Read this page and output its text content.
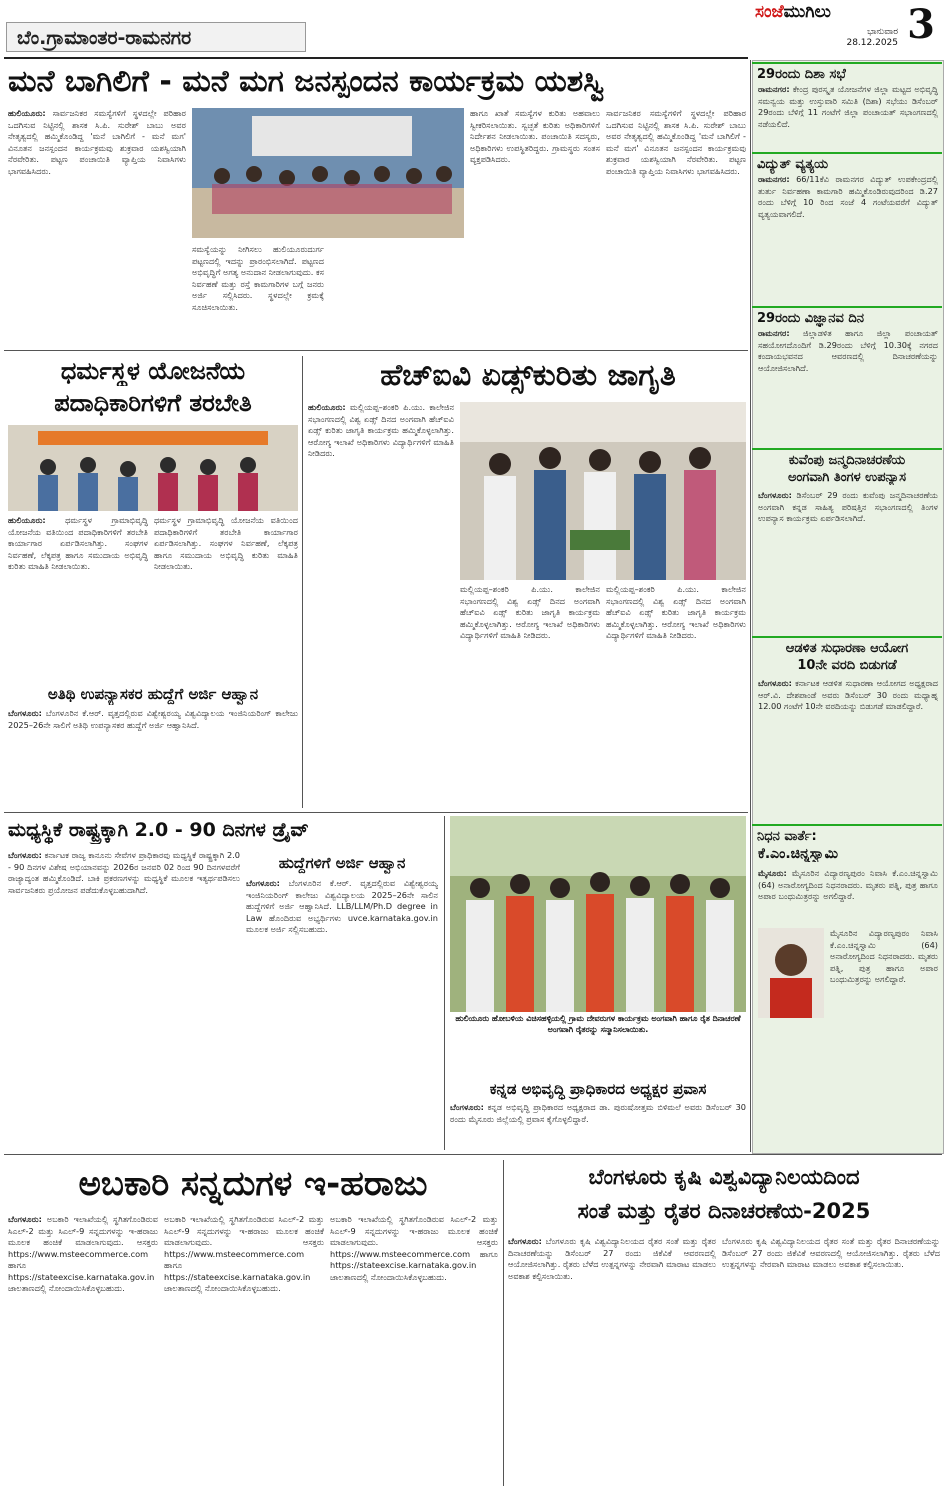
ಬೆಂ.ಗ್ರಾಮಾಂತರ-ರಾಮನಗರ
ಸಂಜೆಮುಗಿಲು
ಭಾನುವಾರ
28.12.2025 3
ಮನೆ ಬಾಗಿಲಿಗೆ - ಮನೆ ಮಗ ಜನಸ್ಪಂದನ ಕಾರ್ಯಕ್ರಮ ಯಶಸ್ವಿ
ಹುಲಿಯೂರು: ಸಾರ್ವಜನಿಕರ ಸಮಸ್ಯೆಗಳಿಗೆ ಸ್ಥಳದಲ್ಲೇ ಪರಿಹಾರ ಒದಗಿಸುವ ನಿಟ್ಟಿನಲ್ಲಿ ಶಾಸಕ ಸಿ.ಪಿ. ಸುರೇಶ್ ಬಾಬು ಅವರ ನೇತೃತ್ವದಲ್ಲಿ ಹಮ್ಮಿಕೊಂಡಿದ್ದ 'ಮನೆ ಬಾಗಿಲಿಗೆ - ಮನೆ ಮಗ' ವಿನೂತನ ಜನಸ್ಪಂದನ ಕಾರ್ಯಕ್ರಮವು ಶುಕ್ರವಾರ ಯಶಸ್ವಿಯಾಗಿ ನೆರವೇರಿತು. ಪಟ್ಟಣ ಪಂಚಾಯಿತಿ ವ್ಯಾಪ್ತಿಯ ನಿವಾಸಿಗಳು ಭಾಗವಹಿಸಿದರು.
ಸಮಸ್ಯೆಯನ್ನು ನೀಗಿಸಲು ಹುಲಿಯೂರುದುರ್ಗ ಪಟ್ಟಣದಲ್ಲಿ ಇದನ್ನು ಪ್ರಾರಂಭಿಸಲಾಗಿದೆ. ಪಟ್ಟಣದ ಅಭಿವೃದ್ಧಿಗೆ ಅಗತ್ಯ ಅನುದಾನ ನೀಡಲಾಗುವುದು. ಕಸ ನಿರ್ವಹಣೆ ಮತ್ತು ರಸ್ತೆ ಕಾಮಗಾರಿಗಳ ಬಗ್ಗೆ ಜನರು ಅರ್ಜಿ ಸಲ್ಲಿಸಿದರು. ಸ್ಥಳದಲ್ಲೇ ಕ್ರಮಕ್ಕೆ ಸೂಚಿಸಲಾಯಿತು.
ಹಾಗೂ ಖಾತೆ ಸಮಸ್ಯೆಗಳ ಕುರಿತು ಅಹವಾಲು ಸ್ವೀಕರಿಸಲಾಯಿತು. ಸ್ವಚ್ಛತೆ ಕುರಿತು ಅಧಿಕಾರಿಗಳಿಗೆ ನಿರ್ದೇಶನ ನೀಡಲಾಯಿತು. ಪಂಚಾಯಿತಿ ಸದಸ್ಯರು, ಅಧಿಕಾರಿಗಳು ಉಪಸ್ಥಿತರಿದ್ದರು. ಗ್ರಾಮಸ್ಥರು ಸಂತಸ ವ್ಯಕ್ತಪಡಿಸಿದರು.
ಸಾರ್ವಜನಿಕರ ಸಮಸ್ಯೆಗಳಿಗೆ ಸ್ಥಳದಲ್ಲೇ ಪರಿಹಾರ ಒದಗಿಸುವ ನಿಟ್ಟಿನಲ್ಲಿ ಶಾಸಕ ಸಿ.ಪಿ. ಸುರೇಶ್ ಬಾಬು ಅವರ ನೇತೃತ್ವದಲ್ಲಿ ಹಮ್ಮಿಕೊಂಡಿದ್ದ 'ಮನೆ ಬಾಗಿಲಿಗೆ - ಮನೆ ಮಗ' ವಿನೂತನ ಜನಸ್ಪಂದನ ಕಾರ್ಯಕ್ರಮವು ಶುಕ್ರವಾರ ಯಶಸ್ವಿಯಾಗಿ ನೆರವೇರಿತು. ಪಟ್ಟಣ ಪಂಚಾಯಿತಿ ವ್ಯಾಪ್ತಿಯ ನಿವಾಸಿಗಳು ಭಾಗವಹಿಸಿದರು.
ಧರ್ಮಸ್ಥಳ ಯೋಜನೆಯ
ಪದಾಧಿಕಾರಿಗಳಿಗೆ ತರಬೇತಿ
ಹುಲಿಯೂರು: ಧರ್ಮಸ್ಥಳ ಗ್ರಾಮಾಭಿವೃದ್ಧಿ ಯೋಜನೆಯ ವತಿಯಿಂದ ಪದಾಧಿಕಾರಿಗಳಿಗೆ ತರಬೇತಿ ಕಾರ್ಯಾಗಾರ ಏರ್ಪಡಿಸಲಾಗಿತ್ತು. ಸಂಘಗಳ ನಿರ್ವಹಣೆ, ಲೆಕ್ಕಪತ್ರ ಹಾಗೂ ಸಮುದಾಯ ಅಭಿವೃದ್ಧಿ ಕುರಿತು ಮಾಹಿತಿ ನೀಡಲಾಯಿತು.
ಧರ್ಮಸ್ಥಳ ಗ್ರಾಮಾಭಿವೃದ್ಧಿ ಯೋಜನೆಯ ವತಿಯಿಂದ ಪದಾಧಿಕಾರಿಗಳಿಗೆ ತರಬೇತಿ ಕಾರ್ಯಾಗಾರ ಏರ್ಪಡಿಸಲಾಗಿತ್ತು. ಸಂಘಗಳ ನಿರ್ವಹಣೆ, ಲೆಕ್ಕಪತ್ರ ಹಾಗೂ ಸಮುದಾಯ ಅಭಿವೃದ್ಧಿ ಕುರಿತು ಮಾಹಿತಿ ನೀಡಲಾಯಿತು.
ಅತಿಥಿ ಉಪನ್ಯಾಸಕರ ಹುದ್ದೆಗೆ ಅರ್ಜಿ ಆಹ್ವಾನ
ಬೆಂಗಳೂರು: ಬೆಂಗಳೂರಿನ ಕೆ.ಆರ್. ವೃತ್ತದಲ್ಲಿರುವ ವಿಶ್ವೇಶ್ವರಯ್ಯ ವಿಶ್ವವಿದ್ಯಾಲಯ ಇಂಜಿನಿಯರಿಂಗ್ ಕಾಲೇಜು 2025–26ನೇ ಸಾಲಿಗೆ ಅತಿಥಿ ಉಪನ್ಯಾಸಕರ ಹುದ್ದೆಗೆ ಅರ್ಜಿ ಆಹ್ವಾನಿಸಿದೆ.
ಹೆಚ್‌ಐವಿ ಏಡ್ಸ್‌ಕುರಿತು ಜಾಗೃತಿ
ಹುಲಿಯೂರು: ಮಲ್ಲಿಯಪ್ಪ–ಶಂಕರಿ ಪಿ.ಯು. ಕಾಲೇಜಿನ ಸಭಾಂಗಣದಲ್ಲಿ ವಿಶ್ವ ಏಡ್ಸ್ ದಿನದ ಅಂಗವಾಗಿ ಹೆಚ್‌ಐವಿ ಏಡ್ಸ್ ಕುರಿತು ಜಾಗೃತಿ ಕಾರ್ಯಕ್ರಮ ಹಮ್ಮಿಕೊಳ್ಳಲಾಗಿತ್ತು. ಆರೋಗ್ಯ ಇಲಾಖೆ ಅಧಿಕಾರಿಗಳು ವಿದ್ಯಾರ್ಥಿಗಳಿಗೆ ಮಾಹಿತಿ ನೀಡಿದರು.
ಮಲ್ಲಿಯಪ್ಪ–ಶಂಕರಿ ಪಿ.ಯು. ಕಾಲೇಜಿನ ಸಭಾಂಗಣದಲ್ಲಿ ವಿಶ್ವ ಏಡ್ಸ್ ದಿನದ ಅಂಗವಾಗಿ ಹೆಚ್‌ಐವಿ ಏಡ್ಸ್ ಕುರಿತು ಜಾಗೃತಿ ಕಾರ್ಯಕ್ರಮ ಹಮ್ಮಿಕೊಳ್ಳಲಾಗಿತ್ತು. ಆರೋಗ್ಯ ಇಲಾಖೆ ಅಧಿಕಾರಿಗಳು ವಿದ್ಯಾರ್ಥಿಗಳಿಗೆ ಮಾಹಿತಿ ನೀಡಿದರು.
ಮಲ್ಲಿಯಪ್ಪ–ಶಂಕರಿ ಪಿ.ಯು. ಕಾಲೇಜಿನ ಸಭಾಂಗಣದಲ್ಲಿ ವಿಶ್ವ ಏಡ್ಸ್ ದಿನದ ಅಂಗವಾಗಿ ಹೆಚ್‌ಐವಿ ಏಡ್ಸ್ ಕುರಿತು ಜಾಗೃತಿ ಕಾರ್ಯಕ್ರಮ ಹಮ್ಮಿಕೊಳ್ಳಲಾಗಿತ್ತು. ಆರೋಗ್ಯ ಇಲಾಖೆ ಅಧಿಕಾರಿಗಳು ವಿದ್ಯಾರ್ಥಿಗಳಿಗೆ ಮಾಹಿತಿ ನೀಡಿದರು.
ಮಧ್ಯಸ್ಥಿಕೆ ರಾಷ್ಟ್ರಕ್ಕಾಗಿ 2.0 - 90 ದಿನಗಳ ಡ್ರೈವ್
ಬೆಂಗಳೂರು: ಕರ್ನಾಟಕ ರಾಜ್ಯ ಕಾನೂನು ಸೇವೆಗಳ ಪ್ರಾಧಿಕಾರವು ಮಧ್ಯಸ್ಥಿಕೆ ರಾಷ್ಟ್ರಕ್ಕಾಗಿ 2.0 - 90 ದಿನಗಳ ವಿಶೇಷ ಅಭಿಯಾನವನ್ನು 2026ರ ಜನವರಿ 02 ರಿಂದ 90 ದಿನಗಳವರೆಗೆ ರಾಜ್ಯಾದ್ಯಂತ ಹಮ್ಮಿಕೊಂಡಿದೆ. ಬಾಕಿ ಪ್ರಕರಣಗಳನ್ನು ಮಧ್ಯಸ್ಥಿಕೆ ಮೂಲಕ ಇತ್ಯರ್ಥಪಡಿಸಲು ಸಾರ್ವಜನಿಕರು ಪ್ರಯೋಜನ ಪಡೆದುಕೊಳ್ಳಬಹುದಾಗಿದೆ.
ಹುದ್ದೆಗಳಿಗೆ ಅರ್ಜಿ ಆಹ್ವಾನ
ಬೆಂಗಳೂರು: ಬೆಂಗಳೂರಿನ ಕೆ.ಆರ್. ವೃತ್ತದಲ್ಲಿರುವ ವಿಶ್ವೇಶ್ವರಯ್ಯ ಇಂಜಿನಿಯರಿಂಗ್ ಕಾಲೇಜು ವಿಶ್ವವಿದ್ಯಾಲಯ 2025–26ನೇ ಸಾಲಿನ ಹುದ್ದೆಗಳಿಗೆ ಅರ್ಜಿ ಆಹ್ವಾನಿಸಿದೆ. LLB/LLM/Ph.D degree in Law ಹೊಂದಿರುವ ಅಭ್ಯರ್ಥಿಗಳು uvce.karnataka.gov.in ಮೂಲಕ ಅರ್ಜಿ ಸಲ್ಲಿಸಬಹುದು.
ಹುಲಿಯೂರು ಹೋಬಳಿಯ ವಿಚಿಸಹಳ್ಳಿಯಲ್ಲಿ ಗ್ರಾಮ ದೇವರುಗಳ ಕಾರ್ಯಕ್ರಮ ಅಂಗವಾಗಿ ಹಾಗೂ ರೈತ ದಿನಾಚರಣೆ ಅಂಗವಾಗಿ ರೈತರನ್ನು ಸನ್ಮಾನಿಸಲಾಯಿತು.
ಕನ್ನಡ ಅಭಿವೃದ್ಧಿ ಪ್ರಾಧಿಕಾರದ ಅಧ್ಯಕ್ಷರ ಪ್ರವಾಸ
ಬೆಂಗಳೂರು: ಕನ್ನಡ ಅಭಿವೃದ್ಧಿ ಪ್ರಾಧಿಕಾರದ ಅಧ್ಯಕ್ಷರಾದ ಡಾ. ಪುರುಷೋತ್ತಮ ಬಿಳಿಮಲೆ ಅವರು ಡಿಸೆಂಬರ್ 30 ರಂದು ಮೈಸೂರು ಜಿಲ್ಲೆಯಲ್ಲಿ ಪ್ರವಾಸ ಕೈಗೊಳ್ಳಲಿದ್ದಾರೆ.
ಅಬಕಾರಿ ಸನ್ನದುಗಳ ಇ-ಹರಾಜು
ಬೆಂಗಳೂರು: ಅಬಕಾರಿ ಇಲಾಖೆಯಲ್ಲಿ ಸ್ಥಗಿತಗೊಂಡಿರುವ ಸಿಎಲ್-2 ಮತ್ತು ಸಿಎಲ್-9 ಸನ್ನದುಗಳನ್ನು ಇ-ಹರಾಜು ಮೂಲಕ ಹಂಚಿಕೆ ಮಾಡಲಾಗುವುದು. ಆಸಕ್ತರು https://www.msteecommerce.com ಹಾಗೂ https://stateexcise.karnataka.gov.in ಜಾಲತಾಣದಲ್ಲಿ ನೋಂದಾಯಿಸಿಕೊಳ್ಳಬಹುದು.
ಅಬಕಾರಿ ಇಲಾಖೆಯಲ್ಲಿ ಸ್ಥಗಿತಗೊಂಡಿರುವ ಸಿಎಲ್-2 ಮತ್ತು ಸಿಎಲ್-9 ಸನ್ನದುಗಳನ್ನು ಇ-ಹರಾಜು ಮೂಲಕ ಹಂಚಿಕೆ ಮಾಡಲಾಗುವುದು. ಆಸಕ್ತರು https://www.msteecommerce.com ಹಾಗೂ https://stateexcise.karnataka.gov.in ಜಾಲತಾಣದಲ್ಲಿ ನೋಂದಾಯಿಸಿಕೊಳ್ಳಬಹುದು.
ಅಬಕಾರಿ ಇಲಾಖೆಯಲ್ಲಿ ಸ್ಥಗಿತಗೊಂಡಿರುವ ಸಿಎಲ್-2 ಮತ್ತು ಸಿಎಲ್-9 ಸನ್ನದುಗಳನ್ನು ಇ-ಹರಾಜು ಮೂಲಕ ಹಂಚಿಕೆ ಮಾಡಲಾಗುವುದು. ಆಸಕ್ತರು https://www.msteecommerce.com ಹಾಗೂ https://stateexcise.karnataka.gov.in ಜಾಲತಾಣದಲ್ಲಿ ನೋಂದಾಯಿಸಿಕೊಳ್ಳಬಹುದು.
ಬೆಂಗಳೂರು ಕೃಷಿ ವಿಶ್ವವಿದ್ಯಾನಿಲಯದಿಂದ
ಸಂತೆ ಮತ್ತು ರೈತರ ದಿನಾಚರಣೆಯ-2025
ಬೆಂಗಳೂರು: ಬೆಂಗಳೂರು ಕೃಷಿ ವಿಶ್ವವಿದ್ಯಾನಿಲಯದ ರೈತರ ಸಂತೆ ಮತ್ತು ರೈತರ ದಿನಾಚರಣೆಯನ್ನು ಡಿಸೆಂಬರ್ 27 ರಂದು ಜಿಕೆವಿಕೆ ಆವರಣದಲ್ಲಿ ಆಯೋಜಿಸಲಾಗಿತ್ತು. ರೈತರು ಬೆಳೆದ ಉತ್ಪನ್ನಗಳನ್ನು ನೇರವಾಗಿ ಮಾರಾಟ ಮಾಡಲು ಅವಕಾಶ ಕಲ್ಪಿಸಲಾಯಿತು.
ಬೆಂಗಳೂರು ಕೃಷಿ ವಿಶ್ವವಿದ್ಯಾನಿಲಯದ ರೈತರ ಸಂತೆ ಮತ್ತು ರೈತರ ದಿನಾಚರಣೆಯನ್ನು ಡಿಸೆಂಬರ್ 27 ರಂದು ಜಿಕೆವಿಕೆ ಆವರಣದಲ್ಲಿ ಆಯೋಜಿಸಲಾಗಿತ್ತು. ರೈತರು ಬೆಳೆದ ಉತ್ಪನ್ನಗಳನ್ನು ನೇರವಾಗಿ ಮಾರಾಟ ಮಾಡಲು ಅವಕಾಶ ಕಲ್ಪಿಸಲಾಯಿತು.
29ರಂದು ದಿಶಾ ಸಭೆ
ರಾಮನಗರ: ಕೇಂದ್ರ ಪುರಸ್ಕೃತ ಯೋಜನೆಗಳ ಜಿಲ್ಲಾ ಮಟ್ಟದ ಅಭಿವೃದ್ಧಿ ಸಮನ್ವಯ ಮತ್ತು ಉಸ್ತುವಾರಿ ಸಮಿತಿ (ದಿಶಾ) ಸಭೆಯು ಡಿಸೆಂಬರ್ 29ರಂದು ಬೆಳಿಗ್ಗೆ 11 ಗಂಟೆಗೆ ಜಿಲ್ಲಾ ಪಂಚಾಯತ್ ಸಭಾಂಗಣದಲ್ಲಿ ನಡೆಯಲಿದೆ.
ವಿದ್ಯುತ್ ವ್ಯತ್ಯಯ
ರಾಮನಗರ: 66/11ಕೆವಿ ರಾಮನಗರ ವಿದ್ಯುತ್ ಉಪಕೇಂದ್ರದಲ್ಲಿ ತುರ್ತು ನಿರ್ವಹಣಾ ಕಾಮಗಾರಿ ಹಮ್ಮಿಕೊಂಡಿರುವುದರಿಂದ ಡಿ.27 ರಂದು ಬೆಳಿಗ್ಗೆ 10 ರಿಂದ ಸಂಜೆ 4 ಗಂಟೆಯವರೆಗೆ ವಿದ್ಯುತ್ ವ್ಯತ್ಯಯವಾಗಲಿದೆ.
29ರಂದು ವಿಜ್ಞಾನವ ದಿನ
ರಾಮನಗರ: ಜಿಲ್ಲಾಡಳಿತ ಹಾಗೂ ಜಿಲ್ಲಾ ಪಂಚಾಯತ್ ಸಹಯೋಗದೊಂದಿಗೆ ಡಿ.29ರಂದು ಬೆಳಿಗ್ಗೆ 10.30ಕ್ಕೆ ನಗರದ ಕಂದಾಯಭವನದ ಆವರಣದಲ್ಲಿ ದಿನಾಚರಣೆಯನ್ನು ಆಯೋಜಿಸಲಾಗಿದೆ.
ಕುವೆಂಪು ಜನ್ಮದಿನಾಚರಣೆಯ
ಅಂಗವಾಗಿ ತಿಂಗಳ ಉಪನ್ಯಾಸ
ಬೆಂಗಳೂರು: ಡಿಸೆಂಬರ್ 29 ರಂದು ಕುವೆಂಪು ಜನ್ಮದಿನಾಚರಣೆಯ ಅಂಗವಾಗಿ ಕನ್ನಡ ಸಾಹಿತ್ಯ ಪರಿಷತ್ತಿನ ಸಭಾಂಗಣದಲ್ಲಿ ತಿಂಗಳ ಉಪನ್ಯಾಸ ಕಾರ್ಯಕ್ರಮ ಏರ್ಪಡಿಸಲಾಗಿದೆ.
ಆಡಳಿತ ಸುಧಾರಣಾ ಆಯೋಗ
10ನೇ ವರದಿ ಬಿಡುಗಡೆ
ಬೆಂಗಳೂರು: ಕರ್ನಾಟಕ ಆಡಳಿತ ಸುಧಾರಣಾ ಆಯೋಗದ ಅಧ್ಯಕ್ಷರಾದ ಆರ್.ವಿ. ದೇಶಪಾಂಡೆ ಅವರು ಡಿಸೆಂಬರ್ 30 ರಂದು ಮಧ್ಯಾಹ್ನ 12.00 ಗಂಟೆಗೆ 10ನೇ ವರದಿಯನ್ನು ಬಿಡುಗಡೆ ಮಾಡಲಿದ್ದಾರೆ.
ನಿಧನ ವಾರ್ತೆ:
ಕೆ.ಎಂ.ಚಿನ್ನಸ್ವಾಮಿ
ಮೈಸೂರು: ಮೈಸೂರಿನ ವಿದ್ಯಾರಣ್ಯಪುರಂ ನಿವಾಸಿ ಕೆ.ಎಂ.ಚಿನ್ನಸ್ವಾಮಿ (64) ಅನಾರೋಗ್ಯದಿಂದ ನಿಧನರಾದರು. ಮೃತರು ಪತ್ನಿ, ಪುತ್ರ ಹಾಗೂ ಅಪಾರ ಬಂಧುಮಿತ್ರರನ್ನು ಅಗಲಿದ್ದಾರೆ.
ಮೈಸೂರಿನ ವಿದ್ಯಾರಣ್ಯಪುರಂ ನಿವಾಸಿ ಕೆ.ಎಂ.ಚಿನ್ನಸ್ವಾಮಿ (64) ಅನಾರೋಗ್ಯದಿಂದ ನಿಧನರಾದರು. ಮೃತರು ಪತ್ನಿ, ಪುತ್ರ ಹಾಗೂ ಅಪಾರ ಬಂಧುಮಿತ್ರರನ್ನು ಅಗಲಿದ್ದಾರೆ.
